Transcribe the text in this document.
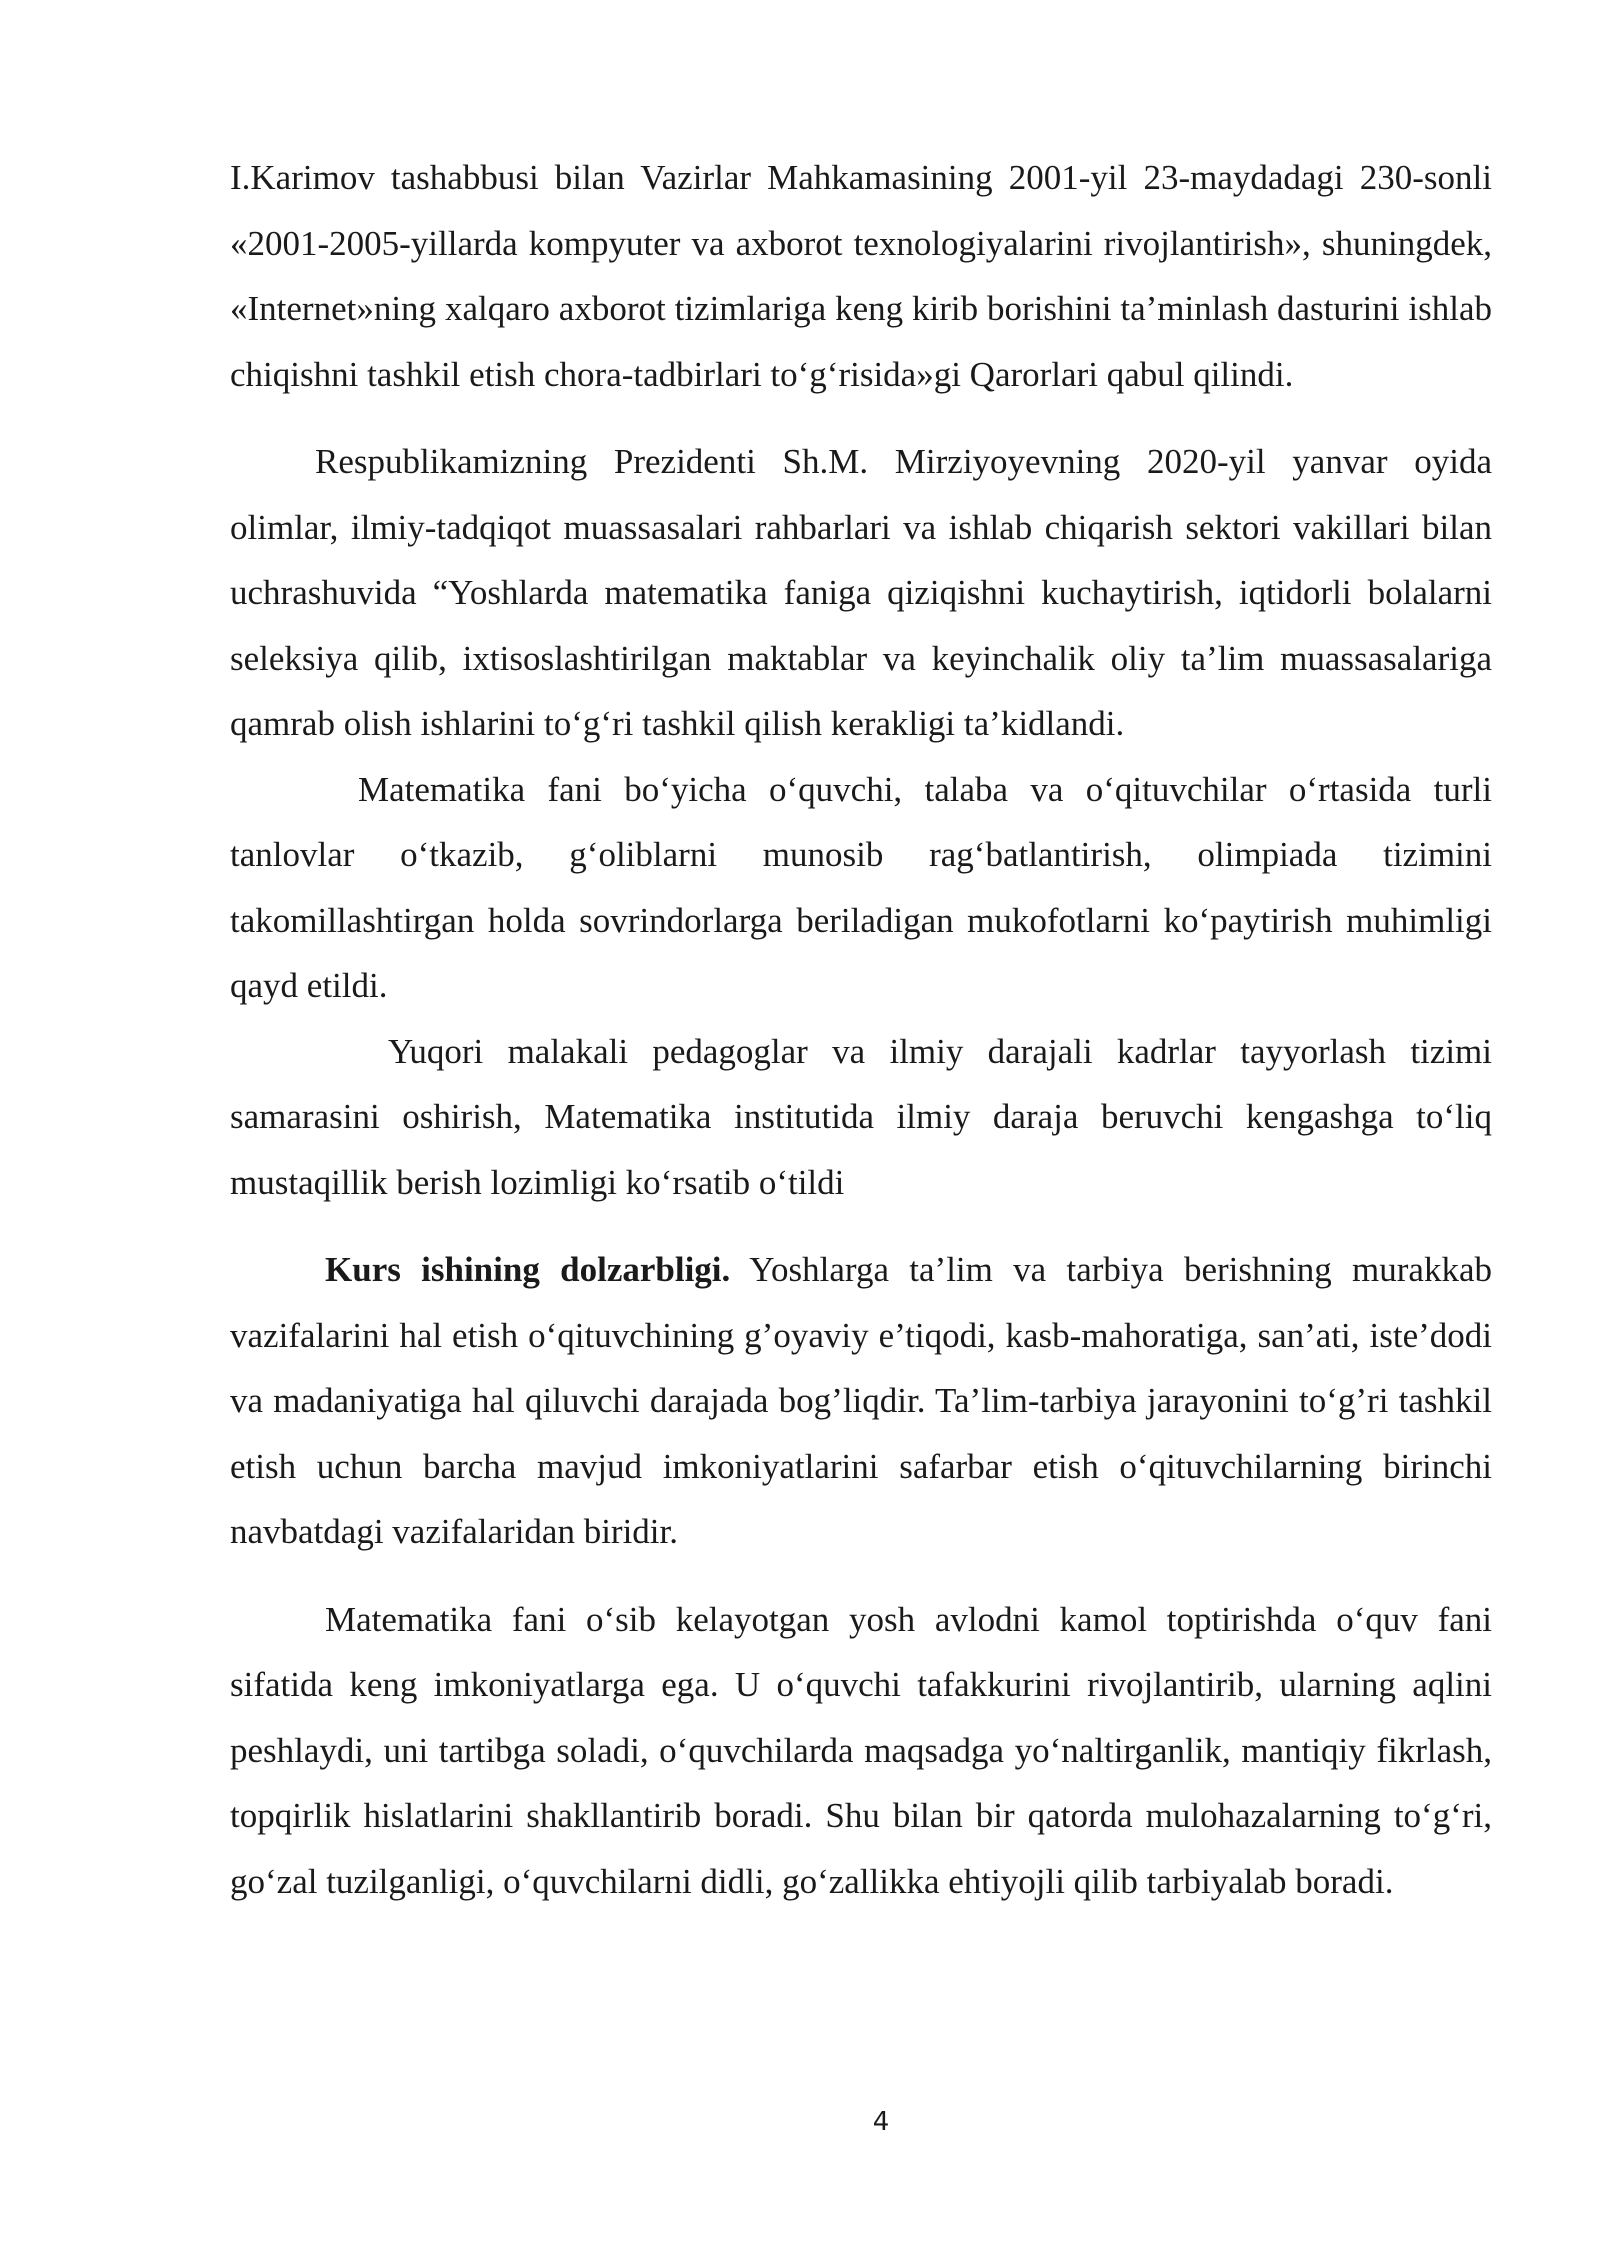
I.Karimov tashabbusi bilan Vazirlar Mahkamasining 2001-yil 23-maydadagi 230-sonli «2001-2005-yillarda kompyuter va axborot texnologiyalarini rivojlantirish», shuningdek, «Internet»ning xalqaro axborot tizimlariga keng kirib borishini ta’minlash dasturini ishlab chiqishni tashkil etish chora-tadbirlari to‘g‘risida»gi Qarorlari qabul qilindi.

Respublikamizning Prezidenti Sh.M. Mirziyoyevning 2020-yil yanvar oyida olimlar, ilmiy-tadqiqot muassasalari rahbarlari va ishlab chiqarish sektori vakillari bilan uchrashuvida “Yoshlarda matematika faniga qiziqishni kuchaytirish, iqtidorli bolalarni seleksiya qilib, ixtisoslashtirilgan maktablar va keyinchalik oliy ta’lim muassasalariga qamrab olish ishlarini to‘g‘ri tashkil qilish kerakligi ta’kidlandi.

Matematika fani bo‘yicha o‘quvchi, talaba va o‘qituvchilar o‘rtasida turli tanlovlar o‘tkazib, g‘oliblarni munosib rag‘batlantirish, olimpiada tizimini takomillashtirgan holda sovrindorlarga beriladigan mukofotlarni ko‘paytirish muhimligi qayd etildi.

Yuqori malakali pedagoglar va ilmiy darajali kadrlar tayyorlash tizimi samarasini oshirish, Matematika institutida ilmiy daraja beruvchi kengashga to‘liq mustaqillik berish lozimligi ko‘rsatib o‘tildi

Kurs ishining dolzarbligi. Yoshlarga ta’lim va tarbiya berishning murakkab vazifalarini hal etish o‘qituvchining g’oyaviy e’tiqodi, kasb-mahoratiga, san’ati, iste’dodi va madaniyatiga hal qiluvchi darajada bog’liqdir. Ta’lim-tarbiya jarayonini to‘g’ri tashkil etish uchun barcha mavjud imkoniyatlarini safarbar etish o‘qituvchilarning birinchi navbatdagi vazifalaridan biridir.

Matematika fani o‘sib kelayotgan yosh avlodni kamol toptirishda o‘quv fani sifatida keng imkoniyatlarga ega. U o‘quvchi tafakkurini rivojlantirib, ularning aqlini peshlaydi, uni tartibga soladi, o‘quvchilarda maqsadga yo‘naltirganlik, mantiqiy fikrlash, topqirlik hislatlarini shakllantirib boradi. Shu bilan bir qatorda mulohazalarning to‘g‘ri, go‘zal tuzilganligi, o‘quvchilarni didli, go‘zallikka ehtiyojli qilib tarbiyalab boradi.

4
